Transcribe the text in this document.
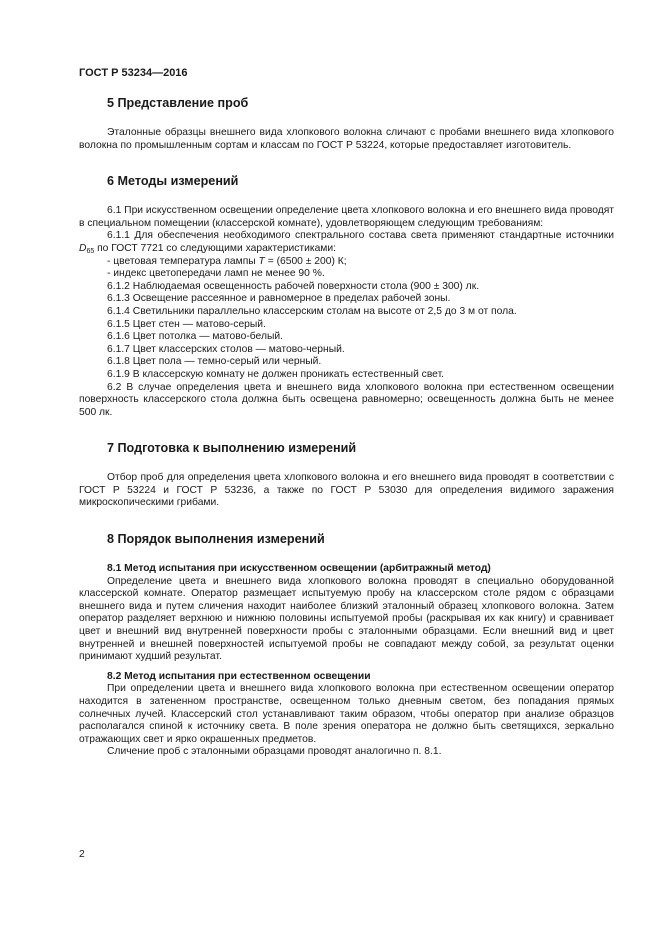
ГОСТ Р 53234—2016
5 Представление проб

Эталонные образцы внешнего вида хлопкового волокна сличают с пробами внешнего вида хлопкового волокна по промышленным сортам и классам по ГОСТ Р 53224, которые предоставляет изготовитель.

6 Методы измерений

6.1 При искусственном освещении определение цвета хлопкового волокна и его внешнего вида проводят в специальном помещении (классерской комнате), удовлетворяющем следующим требованиям:

6.1.1 Для обеспечения необходимого спектрального состава света применяют стандартные источники $D_{65}$ по ГОСТ 7721 со следующими характеристиками:

- цветовая температура лампы T = (6500 ± 200) К;

- индекс цветопередачи ламп не менее 90 %.

6.1.2 Наблюдаемая освещенность рабочей поверхности стола (900 ± 300) лк.

6.1.3 Освещение рассеянное и равномерное в пределах рабочей зоны.

6.1.4 Светильники параллельно классерским столам на высоте от 2,5 до 3 м от пола.

6.1.5 Цвет стен — матово-серый.

6.1.6 Цвет потолка — матово-белый.

6.1.7 Цвет классерских столов — матово-черный.

6.1.8 Цвет пола — темно-серый или черный.

6.1.9 В классерскую комнату не должен проникать естественный свет.

6.2 В случае определения цвета и внешнего вида хлопкового волокна при естественном освещении поверхность классерского стола должна быть освещена равномерно; освещенность должна быть не менее 500 лк.

7 Подготовка к выполнению измерений

Отбор проб для определения цвета хлопкового волокна и его внешнего вида проводят в соответствии с ГОСТ Р 53224 и ГОСТ Р 53236, а также по ГОСТ Р 53030 для определения видимого заражения микроскопическими грибами.

8 Порядок выполнения измерений
8.1 Метод испытания при искусственном освещении (арбитражный метод)

Определение цвета и внешнего вида хлопкового волокна проводят в специально оборудованной классерской комнате. Оператор размещает испытуемую пробу на классерском столе рядом с образцами внешнего вида и путем сличения находит наиболее близкий эталонный образец хлопкового волокна. Затем оператор разделяет верхнюю и нижнюю половины испытуемой пробы (раскрывая их как книгу) и сравнивает цвет и внешний вид внутренней поверхности пробы с эталонными образцами. Если внешний вид и цвет внутренней и внешней поверхностей испытуемой пробы не совпадают между собой, за результат оценки принимают худший результат.

8.2 Метод испытания при естественном освещении

При определении цвета и внешнего вида хлопкового волокна при естественном освещении оператор находится в затененном пространстве, освещенном только дневным светом, без попадания прямых солнечных лучей. Классерский стол устанавливают таким образом, чтобы оператор при анализе образцов располагался спиной к источнику света. В поле зрения оператора не должно быть светящихся, зеркально отражающих свет и ярко окрашенных предметов.

Сличение проб с эталонными образцами проводят аналогично п. 8.1.

2
